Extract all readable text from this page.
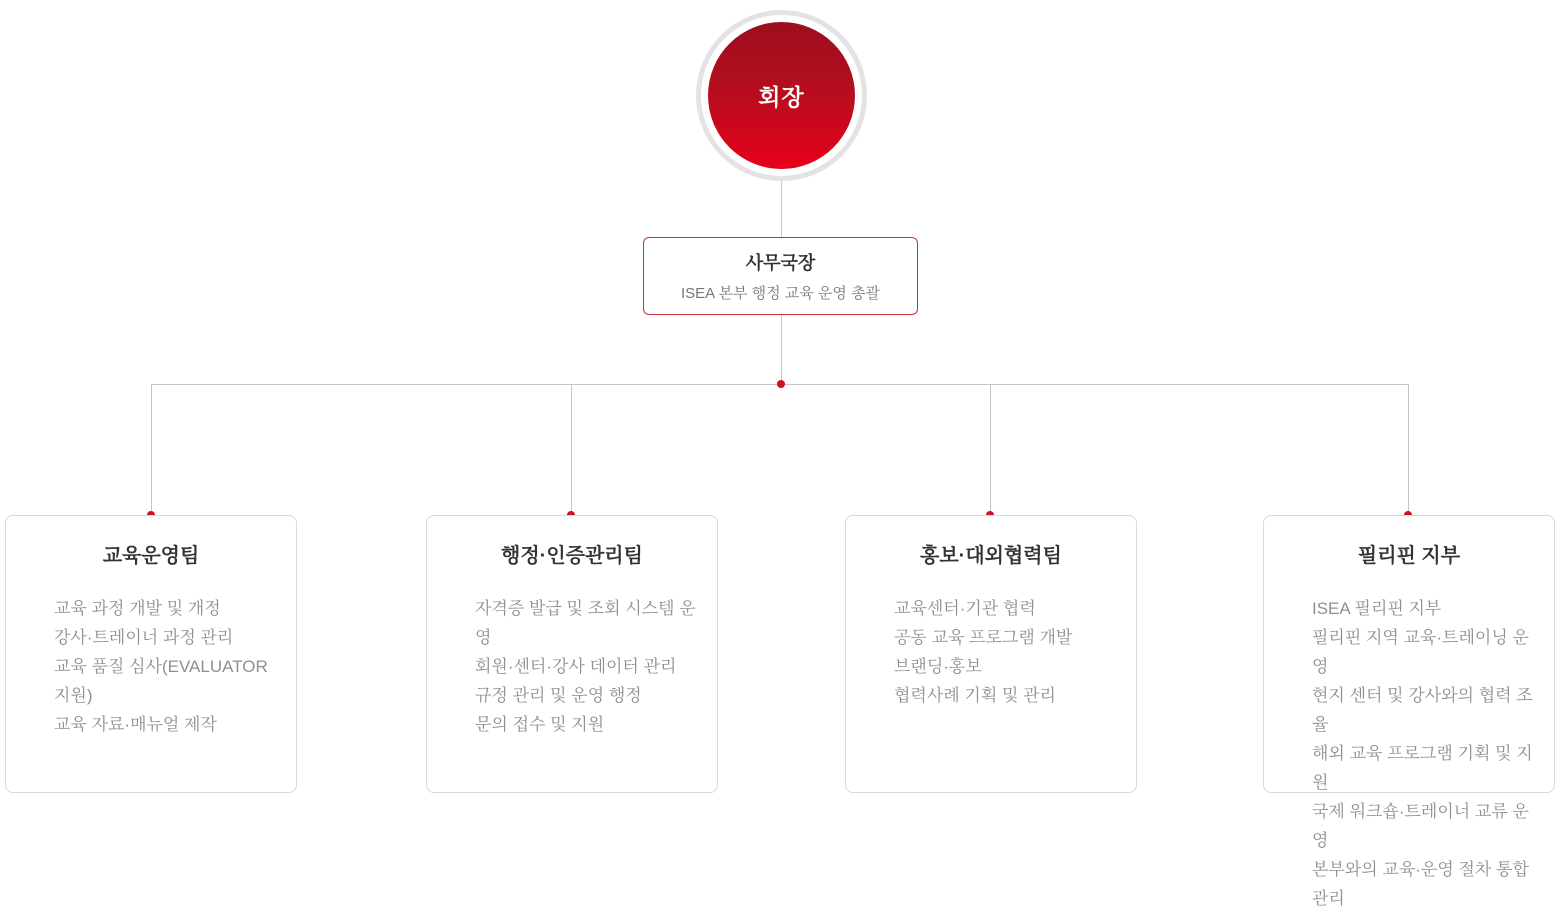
회장
사무국장
ISEA 본부 행정 교육 운영 총괄
교육운영팀
교육 과정 개발 및 개정
강사·트레이너 과정 관리
교육 품질 심사(EVALUATOR 지원)
교육 자료·매뉴얼 제작
행정·인증관리팀
자격증 발급 및 조회 시스템 운영
회원·센터·강사 데이터 관리
규정 관리 및 운영 행정
문의 접수 및 지원
홍보·대외협력팀
교육센터·기관 협력
공동 교육 프로그램 개발
브랜딩·홍보
협력사례 기획 및 관리
필리핀 지부
ISEA 필리핀 지부
필리핀 지역 교육·트레이닝 운영
현지 센터 및 강사와의 협력 조율
해외 교육 프로그램 기획 및 지원
국제 워크숍·트레이너 교류 운영
본부와의 교육·운영 절차 통합 관리
